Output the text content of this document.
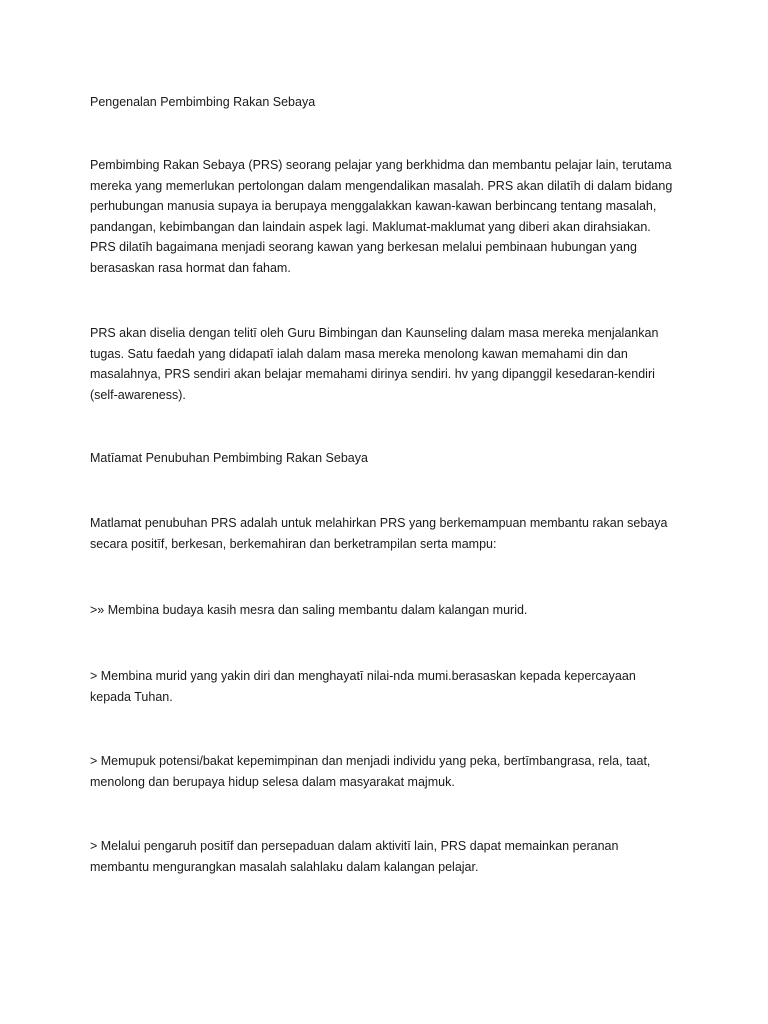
Pengenalan Pembimbing Rakan Sebaya
Pembimbing Rakan Sebaya (PRS) seorang pelajar yang berkhidma dan membantu pelajar lain, terutama
mereka yang memerlukan pertolongan dalam mengendalikan masalah. PRS akan dilatīh di dalam bidang
perhubungan manusia supaya ia berupaya menggalakkan kawan-kawan berbincang tentang masalah,
pandangan, kebimbangan dan laindain aspek lagi. Maklumat-maklumat yang diberi akan dirahsiakan.
PRS dilatīh bagaimana menjadi seorang kawan yang berkesan melalui pembinaan hubungan yang
berasaskan rasa hormat dan faham.
PRS akan diselia dengan telitī oleh Guru Bimbingan dan Kaunseling dalam masa mereka menjalankan
tugas. Satu faedah yang didapatī ialah dalam masa mereka menolong kawan memahami din dan
masalahnya, PRS sendiri akan belajar memahami dirinya sendiri. hv yang dipanggil kesedaran-kendiri
(self-awareness).
Matīamat Penubuhan Pembimbing Rakan Sebaya
Matlamat penubuhan PRS adalah untuk melahirkan PRS yang berkemampuan membantu rakan sebaya
secara positīf, berkesan, berkemahiran dan berketrampilan serta mampu:
>» Membina budaya kasih mesra dan saling membantu dalam kalangan murid.
> Membina murid yang yakin diri dan menghayatī nilai-nda mumi.berasaskan kepada kepercayaan
kepada Tuhan.
> Memupuk potensi/bakat kepemimpinan dan menjadi individu yang peka, bertīmbangrasa, rela, taat,
menolong dan berupaya hidup selesa dalam masyarakat majmuk.
> Melalui pengaruh positīf dan persepaduan dalam aktivitī lain, PRS dapat memainkan peranan
membantu mengurangkan masalah salahlaku dalam kalangan pelajar.
